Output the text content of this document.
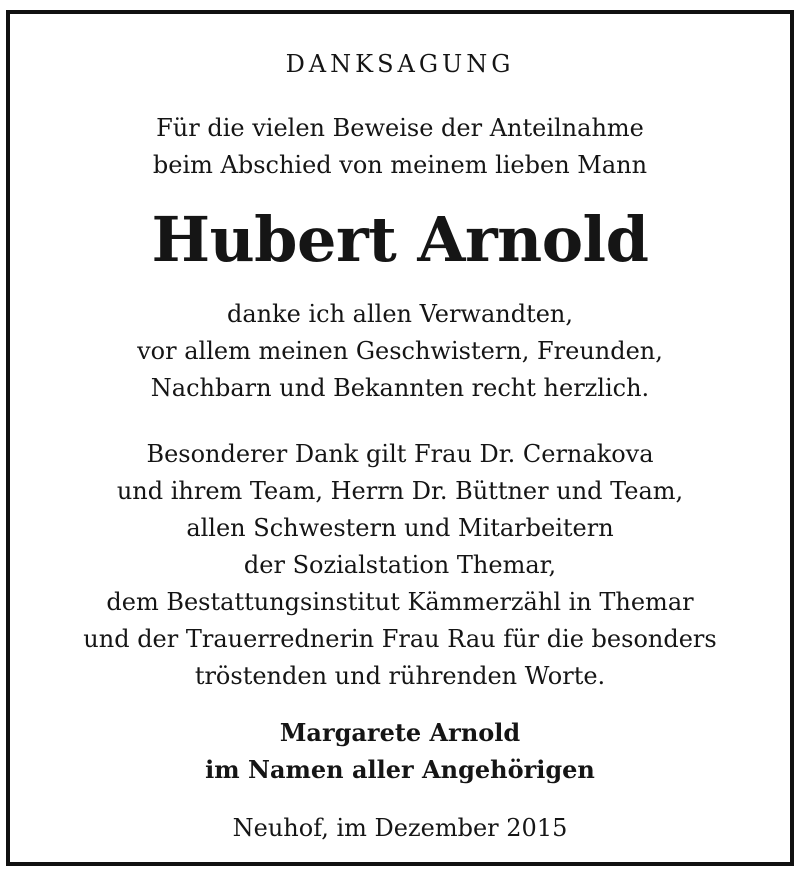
DANKSAGUNG

Für die vielen Beweise der Anteilnahme
beim Abschied von meinem lieben Mann

Hubert Arnold

danke ich allen Verwandten,
vor allem meinen Geschwistern, Freunden,
Nachbarn und Bekannten recht herzlich.

Besonderer Dank gilt Frau Dr. Cernakova
und ihrem Team, Herrn Dr. Büttner und Team,
allen Schwestern und Mitarbeitern
der Sozialstation Themar,
dem Bestattungsinstitut Kämmerzähl in Themar
und der Trauerrednerin Frau Rau für die besonders
tröstenden und rührenden Worte.

Margarete Arnold
im Namen aller Angehörigen

Neuhof, im Dezember 2015
